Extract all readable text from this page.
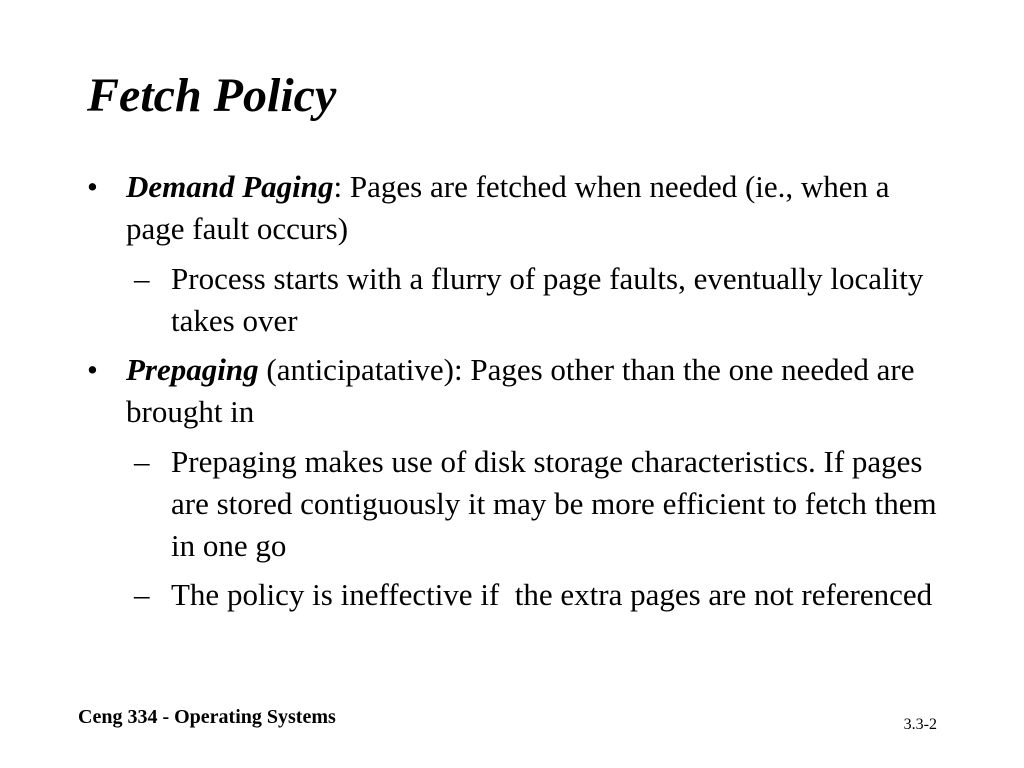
Fetch Policy
• Demand Paging: Pages are fetched when needed (ie., when a page fault occurs)
– Process starts with a flurry of page faults, eventually locality takes over
• Prepaging (anticipatative): Pages other than the one needed are brought in
– Prepaging makes use of disk storage characteristics. If pages are stored contiguously it may be more efficient to fetch them in one go
– The policy is ineffective if  the extra pages are not referenced
Ceng 334 - Operating Systems	3.3-2
